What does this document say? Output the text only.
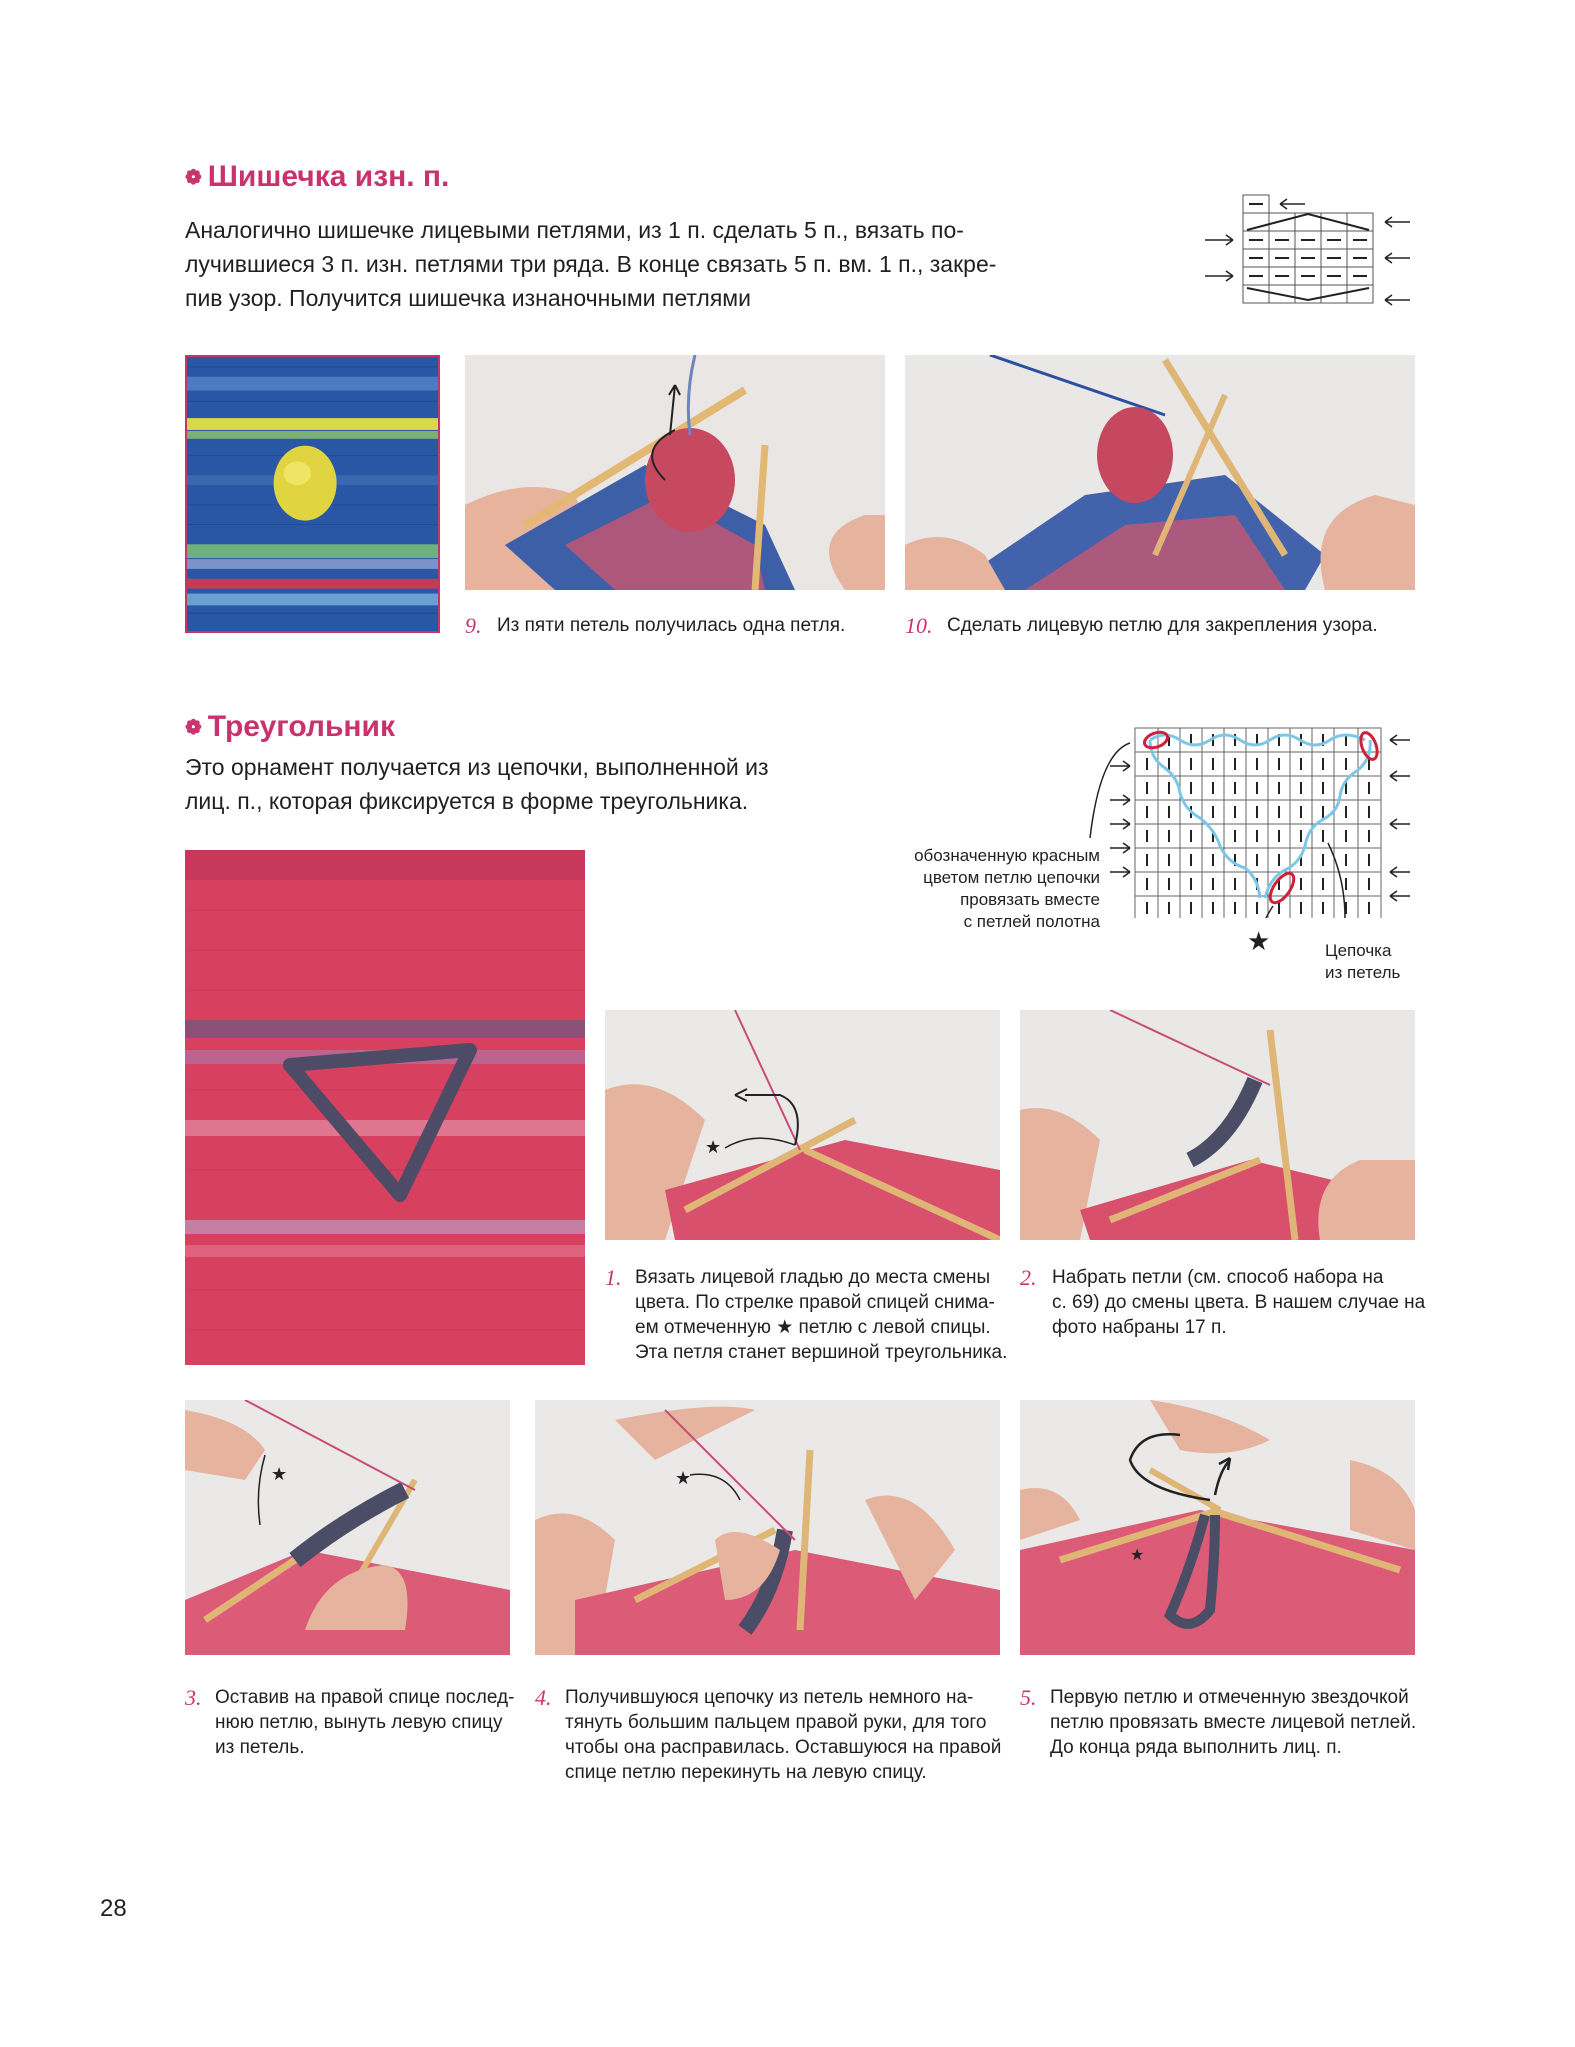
❁ Шишечка изн. п.
Аналогично шишечке лицевыми петлями, из 1 п. сделать 5 п., вязать по-
лучившиеся 3 п. изн. петлями три ряда. В конце связать 5 п. вм. 1 п., закре-
пив узор. Получится шишечка изнаночными петлями
9. Из пяти петель получилась одна петля.	10. Сделать лицевую петлю для закрепления узора.
❁ Треугольник
Это орнамент получается из цепочки, выполненной из
лиц. п., которая фиксируется в форме треугольника.
обозначенную красным
цветом петлю цепочки
провязать вместе
с петлей полотна
★	Цепочка
из петель
★
1. Вязать лицевой гладью до места смены
цвета. По стрелке правой спицей снима-
ем отмеченную ★ петлю с левой спицы.
Эта петля станет вершиной треугольника.
2. Набрать петли (см. способ набора на
с. 69) до смены цвета. В нашем случае на
фото набраны 17 п.
★	★
★
3. Оставив на правой спице послед-
нюю петлю, вынуть левую спицу
из петель.
4. Получившуюся цепочку из петель немного на-
тянуть большим пальцем правой руки, для того
чтобы она расправилась. Оставшуюся на правой
спице петлю перекинуть на левую спицу.
5. Первую петлю и отмеченную звездочкой
петлю провязать вместе лицевой петлей.
До конца ряда выполнить лиц. п.
28
